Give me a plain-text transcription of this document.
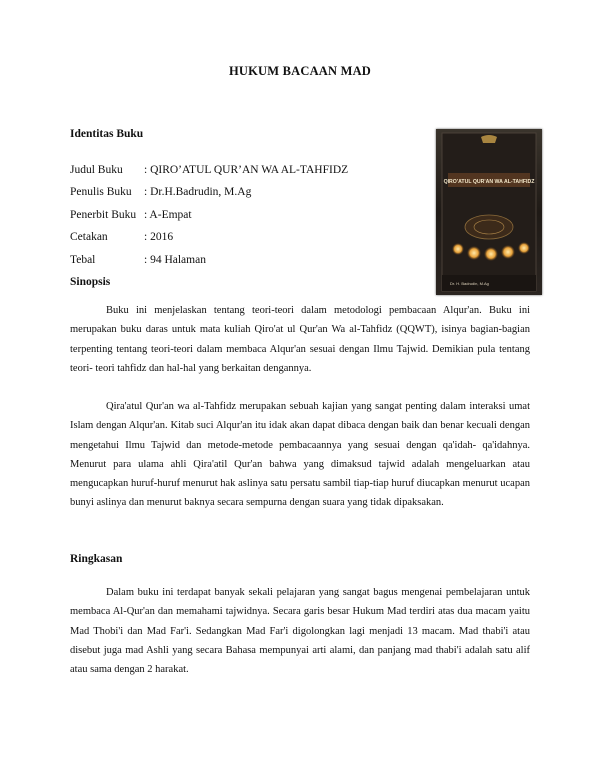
HUKUM BACAAN MAD
Identitas Buku
Judul Buku : QIRO’ATUL QUR’AN WA AL-TAHFIDZ
Penulis Buku : Dr.H.Badrudin, M.Ag
Penerbit Buku : A-Empat
Cetakan	: 2016
Tebal	: 94 Halaman
QIRO'ATUL QUR'AN WA AL-TAHFIDZ
Dr. H. Badrudin, M.Ag
Sinopsis
Buku ini menjelaskan tentang teori-teori dalam metodologi pembacaan Alqur'an. Buku ini merupakan buku daras untuk mata kuliah Qiro'at ul Qur'an Wa al-Tahfidz (QQWT), isinya bagian-bagian terpenting tentang teori-teori dalam membaca Alqur'an sesuai dengan Ilmu Tajwid. Demikian pula tentang teori- teori tahfidz dan hal-hal yang berkaitan dengannya.
Qira'atul Qur'an wa al-Tahfidz merupakan sebuah kajian yang sangat penting dalam interaksi umat Islam dengan Alqur'an. Kitab suci Alqur'an itu idak akan dapat dibaca dengan baik dan benar kecuali dengan mengetahui Ilmu Tajwid dan metode-metode pembacaannya yang sesuai dengan qa'idah- qa'idahnya. Menurut para ulama ahli Qira'atil Qur'an bahwa yang dimaksud tajwid adalah mengeluarkan atau mengucapkan huruf-huruf menurut hak aslinya satu persatu sambil tiap-tiap huruf diucapkan menurut ucapan bunyi aslinya dan menurut baknya secara sempurna dengan suara yang tidak dipaksakan.
Ringkasan
Dalam buku ini terdapat banyak sekali pelajaran yang sangat bagus mengenai pembelajaran untuk membaca Al-Qur'an dan memahami tajwidnya. Secara garis besar Hukum Mad terdiri atas dua macam yaitu Mad Thobi'i dan Mad Far'i. Sedangkan Mad Far'i digolongkan lagi menjadi 13 macam. Mad thabi'i atau disebut juga mad Ashli yang secara Bahasa mempunyai arti alami, dan panjang mad thabi'i adalah satu alif atau sama dengan 2 harakat.
